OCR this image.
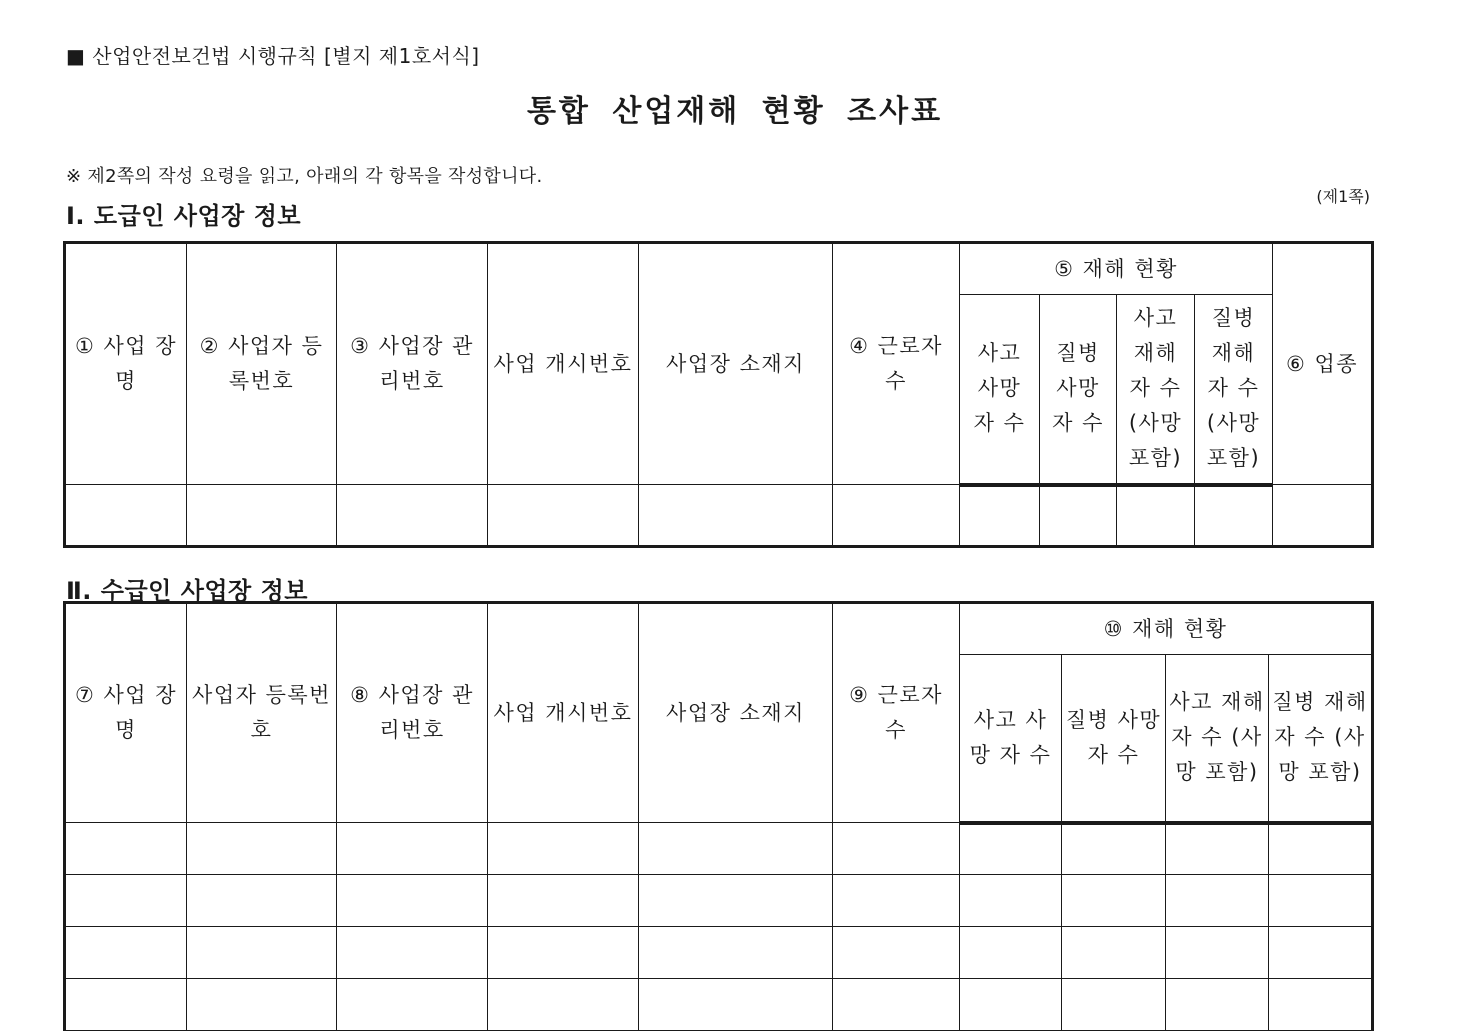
■ 산업안전보건법 시행규칙 [별지 제1호서식]
통합 산업재해 현황 조사표
※ 제2쪽의 작성 요령을 읽고, 아래의 각 항목을 작성합니다.
(제1쪽)
Ⅰ. 도급인 사업장 정보
① 사업 장명	② 사업자 등록번호	③ 사업장 관리번호	사업 개시번호	사업장 소재지	④ 근로자 수	⑤ 재해 현황				⑥ 업종
						사고 사망 자 수	질병 사망 자 수	사고 재해 자 수 (사망 포함)	질병 재해 자 수 (사망 포함)	

Ⅱ. 수급인 사업장 정보
⑦ 사업 장명	사업자 등록번호	⑧ 사업장 관리번호	사업 개시번호	사업장 소재지	⑨ 근로자 수	⑩ 재해 현황			
						사고 사망 자 수	질병 사망 자 수	사고 재해 자 수 (사망 포함)	질병 재해 자 수 (사망 포함)
